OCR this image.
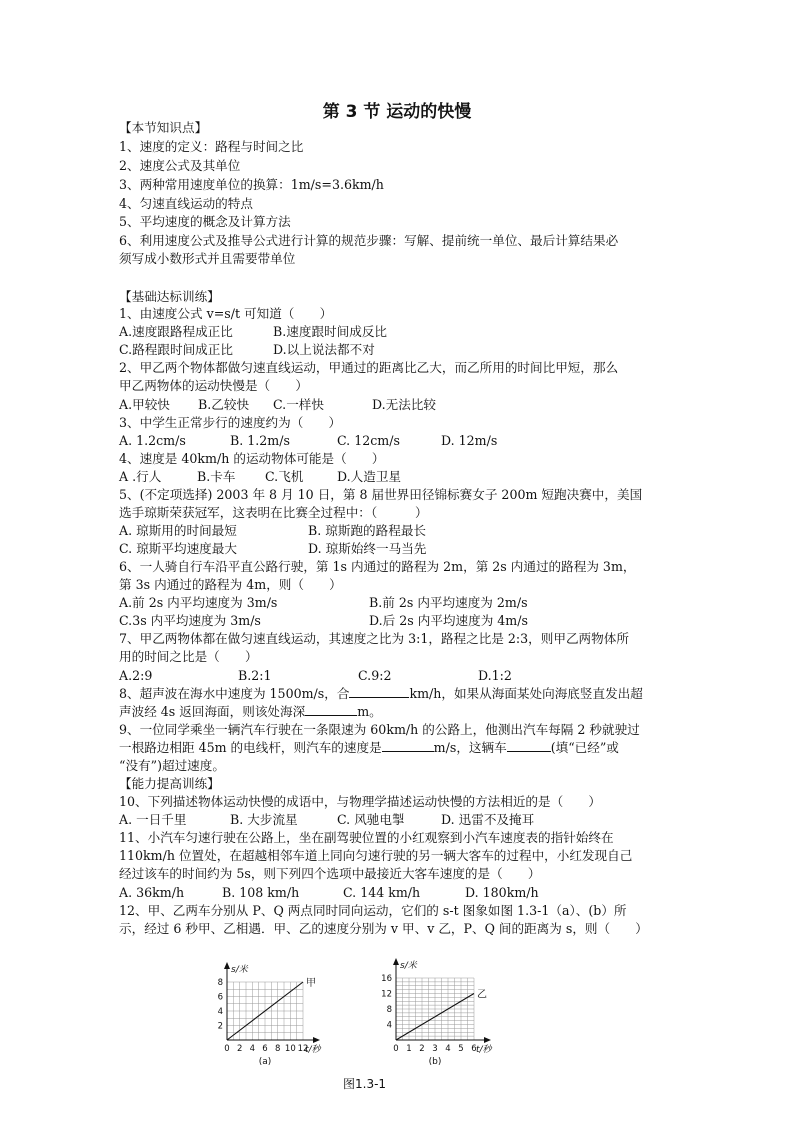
第 3 节 运动的快慢
【本节知识点】
1、速度的定义：路程与时间之比
2、速度公式及其单位
3、两种常用速度单位的换算：1m/s=3.6km/h
4、匀速直线运动的特点
5、平均速度的概念及计算方法
6、利用速度公式及推导公式进行计算的规范步骤：写解、提前统一单位、最后计算结果必
须写成小数形式并且需要带单位
【基础达标训练】
1、由速度公式 v=s/t 可知道（　　）
A.速度跟路程成正比	B.速度跟时间成反比
C.路程跟时间成正比	D.以上说法都不对
2、甲乙两个物体都做匀速直线运动，甲通过的距离比乙大，而乙所用的时间比甲短，那么
甲乙两物体的运动快慢是（　　）
A.甲较快 B.乙较快 C.一样快	D.无法比较
3、中学生正常步行的速度约为（　　）
A. 1.2cm/s	B. 1.2m/s	C. 12cm/s	D. 12m/s
4、速度是 40km/h 的运动物体可能是（　　）
A .行人	B.卡车 C.飞机	D.人造卫星
5、(不定项选择) 2003 年 8 月 10 日，第 8 届世界田径锦标赛女子 200m 短跑决赛中，美国
选手琼斯荣获冠军，这表明在比赛全过程中：（　　　）
A. 琼斯用的时间最短	B. 琼斯跑的路程最长
C. 琼斯平均速度最大	D. 琼斯始终一马当先
6、一人骑自行车沿平直公路行驶，第 1s 内通过的路程为 2m，第 2s 内通过的路程为 3m，
第 3s 内通过的路程为 4m，则（　　）
A.前 2s 内平均速度为 3m/s	B.前 2s 内平均速度为 2m/s
C.3s 内平均速度为 3m/s	D.后 2s 内平均速度为 4m/s
7、甲乙两物体都在做匀速直线运动，其速度之比为 3:1，路程之比是 2:3，则甲乙两物体所
用的时间之比是（　　）
A.2:9	B.2:1	C.9:2	D.1:2
8、超声波在海水中速度为 1500m/s，合	km/h，如果从海面某处向海底竖直发出超
声波经 4s 返回海面，则该处海深	m。
9、一位同学乘坐一辆汽车行驶在一条限速为 60km/h 的公路上，他测出汽车每隔 2 秒就驶过
一根路边相距 45m 的电线杆，则汽车的速度是	m/s，这辆车	(填“已经”或
“没有”)超过速度。
【能力提高训练】
10、下列描述物体运动快慢的成语中，与物理学描述运动快慢的方法相近的是（　　）
A. 一日千里	B. 大步流星	C. 风驰电掣	D. 迅雷不及掩耳
11、小汽车匀速行驶在公路上，坐在副驾驶位置的小红观察到小汽车速度表的指针始终在
110km/h 位置处，在超越相邻车道上同向匀速行驶的另一辆大客车的过程中，小红发现自己
经过该车的时间约为 5s，则下列四个选项中最接近大客车速度的是（　　）
A. 36km/h	B. 108 km/h	C. 144 km/h	D. 180km/h
12、甲、乙两车分别从 P、Q 两点同时同向运动，它们的 s-t 图象如图 1.3-1（a）、(b）所
示，经过 6 秒甲、乙相遇．甲、乙的速度分别为 v 甲、v 乙，P、Q 间的距离为 s，则（　　）
s/米
t/秒
0 2 4 6 8 10 12
2
4
6
8	甲
(a)
s/米
t/秒
0 1 2 3 4 5 6
4
8
12
16
乙
(b)
图1.3-1
